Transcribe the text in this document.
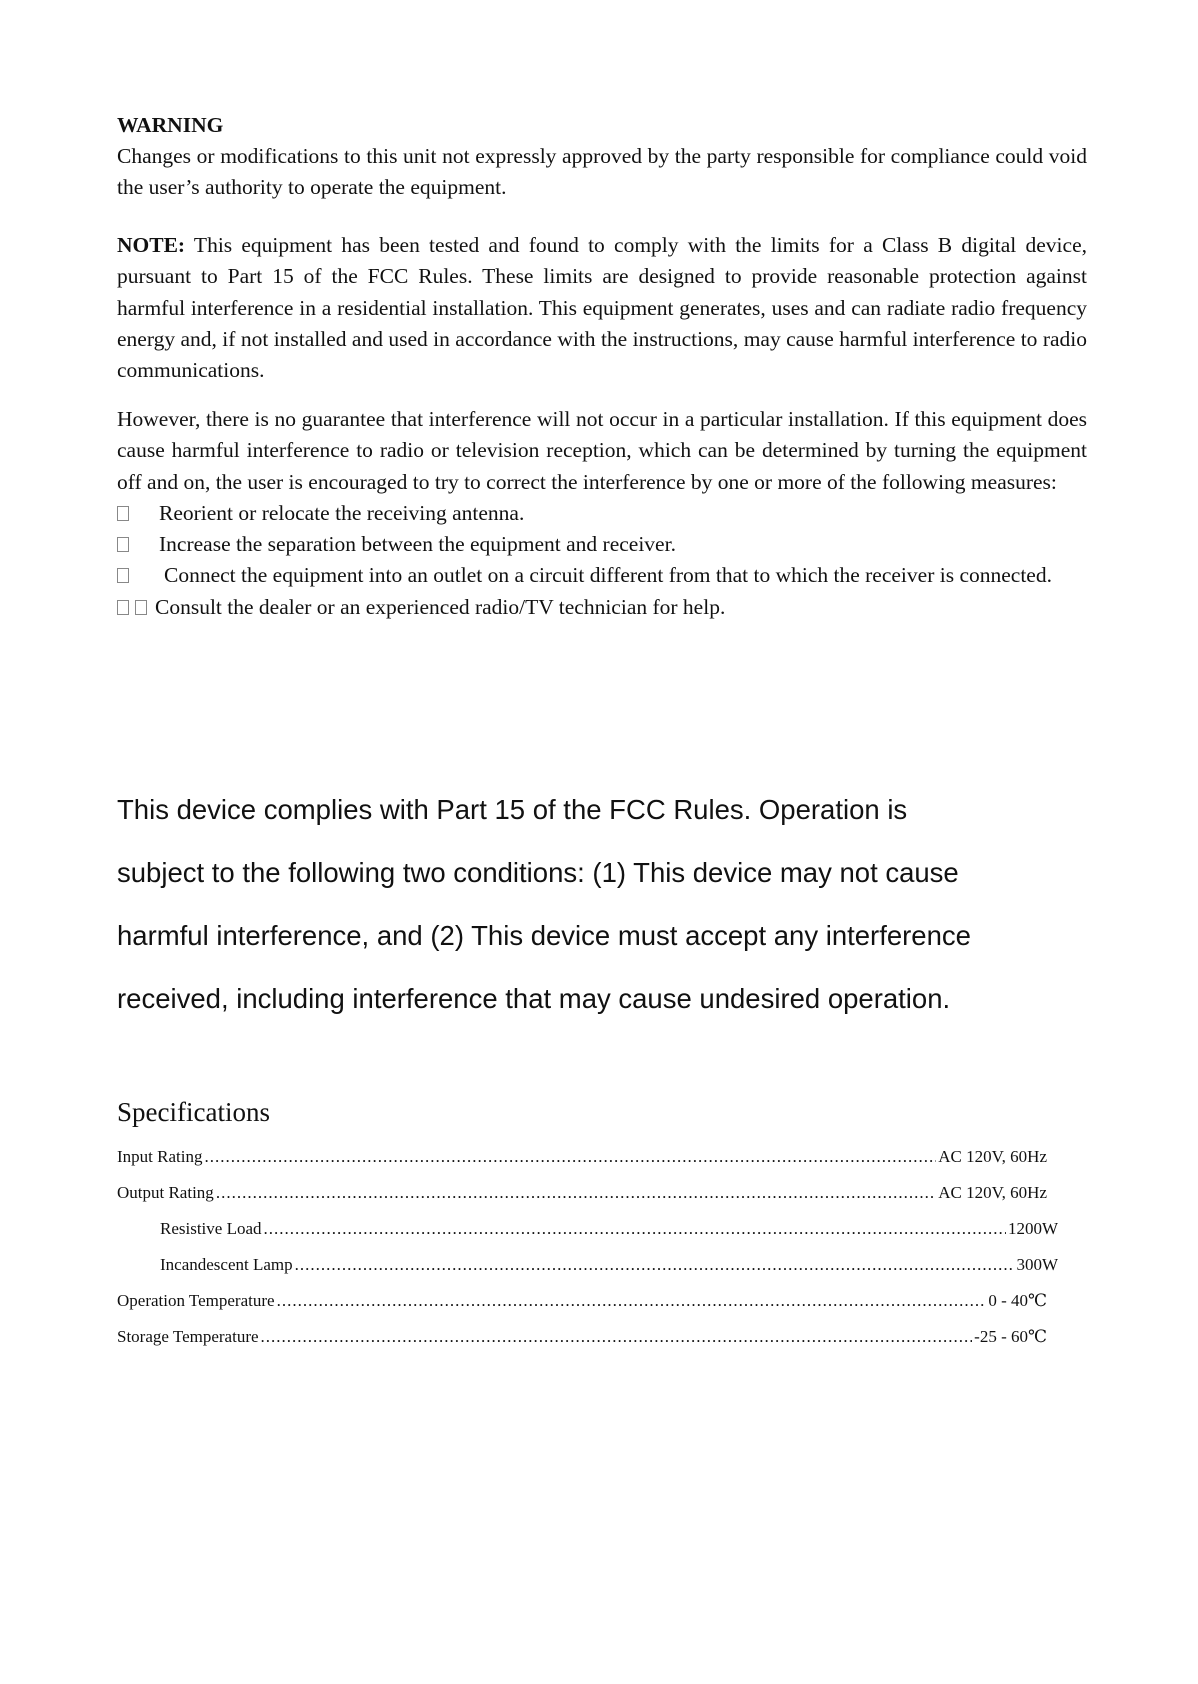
WARNING

Changes or modifications to this unit not expressly approved by the party responsible for compliance could void the user’s authority to operate the equipment.

NOTE: This equipment has been tested and found to comply with the limits for a Class B digital device, pursuant to Part 15 of the FCC Rules. These limits are designed to provide reasonable protection against harmful interference in a residential installation. This equipment generates, uses and can radiate radio frequency energy and, if not installed and used in accordance with the instructions, may cause harmful interference to radio communications.

However, there is no guarantee that interference will not occur in a particular installation. If this equipment does cause harmful interference to radio or television reception, which can be determined by turning the equipment off and on, the user is encouraged to try to correct the interference by one or more of the following measures:

Reorient or relocate the receiving antenna.
Increase the separation between the equipment and receiver.
Connect the equipment into an outlet on a circuit different from that to which the receiver is connected.
Consult the dealer or an experienced radio/TV technician for help.

This device complies with Part 15 of the FCC Rules. Operation is

subject to the following two conditions: (1) This device may not cause

harmful interference, and (2) This device must accept any interference

received, including interference that may cause undesired operation.

Specifications
Input Rating .....	AC 120V, 60Hz
Output Rating .....	AC 120V, 60Hz
Resistive Load .....	1200W
Incandescent Lamp .....	300W
Operation Temperature .....	0 - 40℃
Storage Temperature .....	-25 - 60℃
